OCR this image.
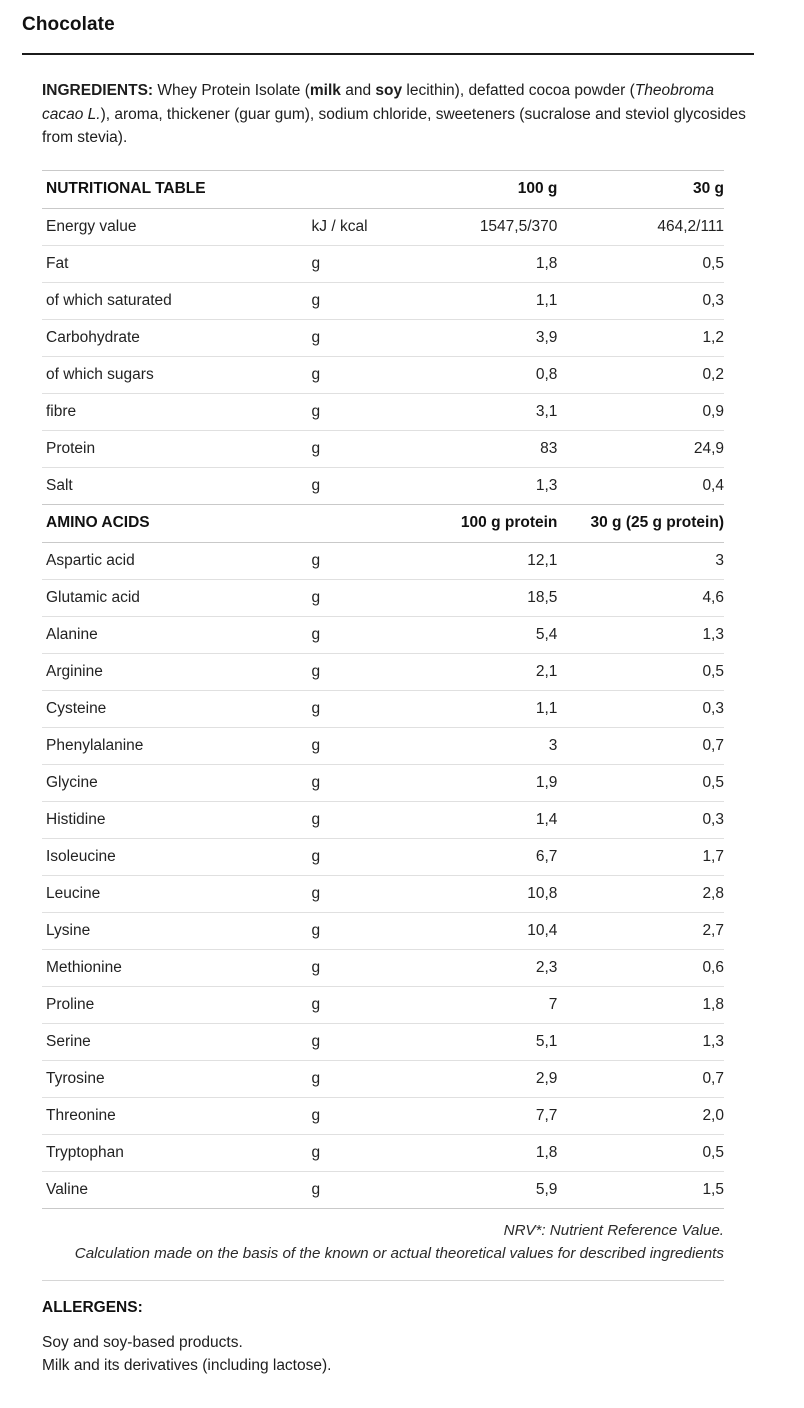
Chocolate

INGREDIENTS: Whey Protein Isolate (milk and soy lecithin), defatted cocoa powder (Theobroma cacao L.), aroma, thickener (guar gum), sodium chloride, sweeteners (sucralose and steviol glycosides from stevia).

NUTRITIONAL TABLE		100 g	30 g
Energy value	kJ / kcal	1547,5/370	464,2/111
Fat	g	1,8	0,5
of which saturated	g	1,1	0,3
Carbohydrate	g	3,9	1,2
of which sugars	g	0,8	0,2
fibre	g	3,1	0,9
Protein	g	83	24,9
Salt	g	1,3	0,4
AMINO ACIDS		100 g protein	30 g (25 g protein)
Aspartic acid	g	12,1	3
Glutamic acid	g	18,5	4,6
Alanine	g	5,4	1,3
Arginine	g	2,1	0,5
Cysteine	g	1,1	0,3
Phenylalanine	g	3	0,7
Glycine	g	1,9	0,5
Histidine	g	1,4	0,3
Isoleucine	g	6,7	1,7
Leucine	g	10,8	2,8
Lysine	g	10,4	2,7
Methionine	g	2,3	0,6
Proline	g	7	1,8
Serine	g	5,1	1,3
Tyrosine	g	2,9	0,7
Threonine	g	7,7	2,0
Tryptophan	g	1,8	0,5
Valine	g	5,9	1,5
NRV*: Nutrient Reference Value.
Calculation made on the basis of the known or actual theoretical values for described ingredients
ALLERGENS:
Soy and soy-based products.
Milk and its derivatives (including lactose).
